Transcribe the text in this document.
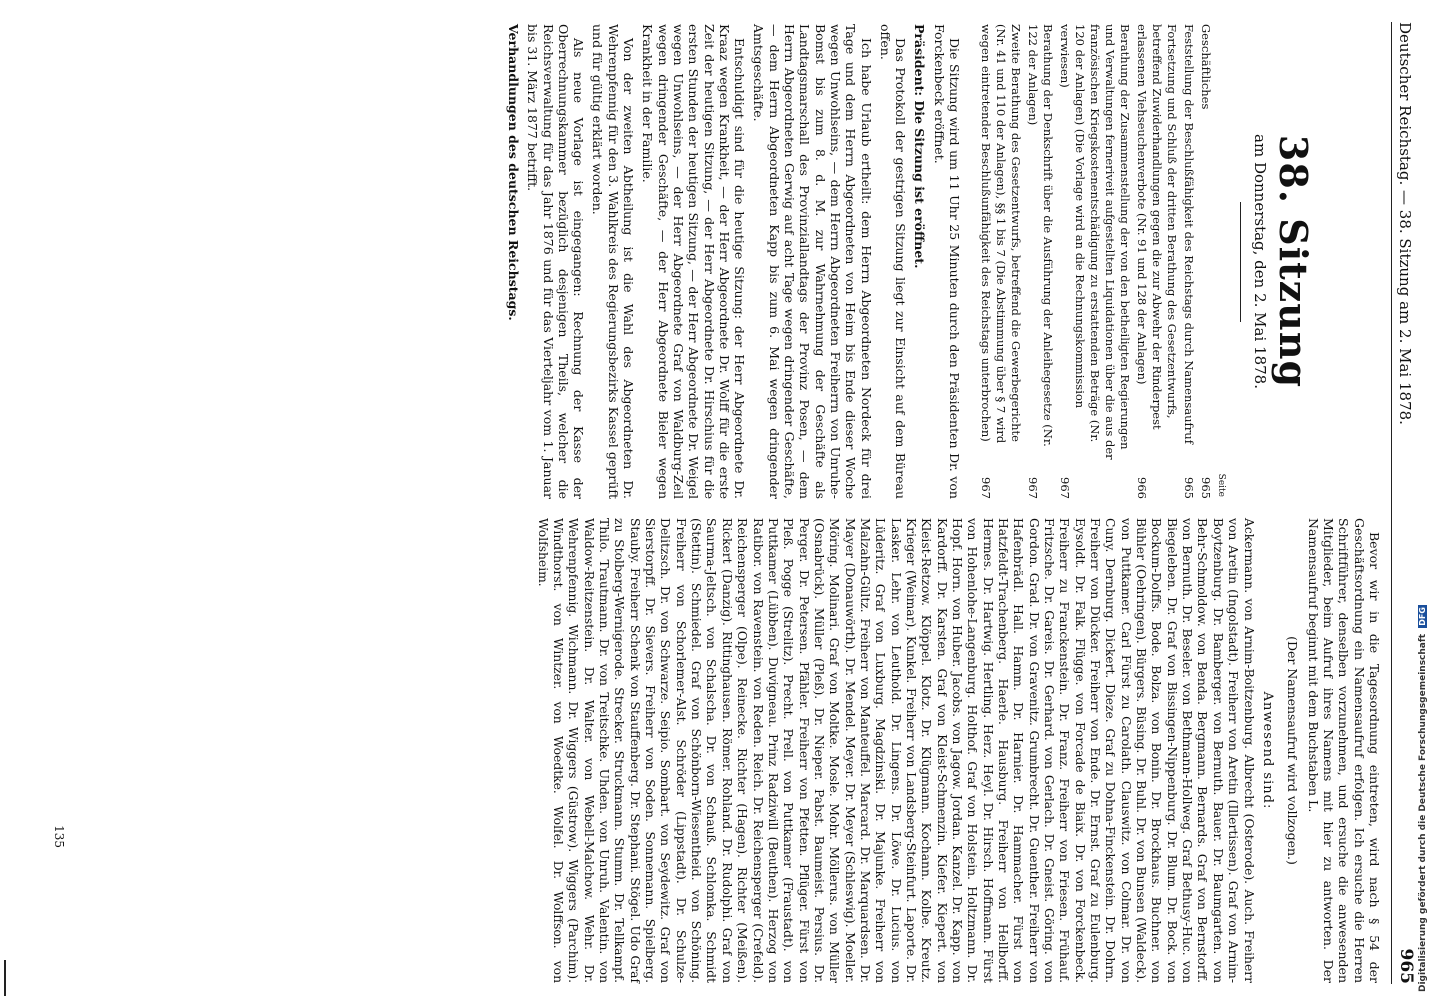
Deutscher Reichstag. — 38. Sitzung am 2. Mai 1878.
965
38. Sitzung
am Donnerstag, den 2. Mai 1878.
Seite
Geschäftliches
965
Feststellung der Beschlußfähigkeit des Reichstags durch Namensaufruf
965
Fortsetzung und Schluß der dritten Berathung des Gesetzentwurfs, betreffend Zuwiderhandlungen gegen die zur Abwehr der Rinderpest erlassenen Viehseuchenverbote (Nr. 91 und 128 der Anlagen)
966
Berathung der Zusammenstellung der von den betheiligten Regierungen und Verwaltungen ferneriveit aufgestellten Liquidationen über die aus der französischen Kriegskostenentschädigung zu erstattenden Beträge (Nr. 120 der Anlagen) (Die Vorlage wird an die Rechnungskommission verwiesen)
967
Berathung der Denkschrift über die Ausführung der Anleihegesetze (Nr. 122 der Anlagen)
967
Zweite Berathung des Gesetzentwurfs, betreffend die Gewerbegerichte (Nr. 41 und 110 der Anlagen), §§ 1 bis 7 (Die Abstimmung über § 7 wird wegen eintretender Beschlußunfähigkeit des Reichstags unterbrochen)
967

Die Sitzung wird um 11 Uhr 25 Minuten durch den Präsidenten Dr. von Forckenbeck eröffnet.

Präsident: Die Sitzung ist eröffnet.

Das Protokoll der gestrigen Sitzung liegt zur Einsicht auf dem Büreau offen.

Ich habe Urlaub ertheilt: dem Herrn Abgeordneten Nordeck für drei Tage und dem Herrn Abgeordneten von Heim bis Ende dieser Woche wegen Unwohlseins, — dem Herrn Abgeordneten Freiherrn von Unruhe-Bomst bis zum 8. d. M. zur Wahrnehmung der Geschäfte als Landtagsmarschall des Provinziallandtags der Provinz Posen, — dem Herrn Abgeordneten Gerwig auf acht Tage wegen dringender Geschäfte, — dem Herrn Abgeordneten Kapp bis zum 6. Mai wegen dringender Amtsgeschäfte.

Entschuldigt sind für die heutige Sitzung: der Herr Abgeordnete Dr. Kraaz wegen Krankheit, — der Herr Abgeordnete Dr. Wolff für die erste Zeit der heutigen Sitzung, — der Herr Abgeordnete Dr. Hirschius für die ersten Stunden der heutigen Sitzung, — der Herr Abgeordnete Dr. Weigel wegen Unwohlseins, — der Herr Abgeordnete Graf von Waldburg-Zeil wegen dringender Geschäfte, — der Herr Abgeordnete Bieler wegen Krankheit in der Familie.

Von der zweiten Abtheilung ist die Wahl des Abgeordneten Dr. Wehrenpfennig für den 3. Wahlkreis des Regierungsbezirks Kassel geprüft und für gültig erklärt worden.

Als neue Vorlage ist eingegangen: Rechnung der Kasse der Oberrechnungskammer bezüglich desjenigen Theils, welcher die Reichsverwaltung für das Jahr 1876 und für das Vierteljahr vom 1. Januar bis 31. März 1877 betrifft.

Verhandlungen des deutschen Reichstags.

Bevor wir in die Tagesordnung eintreten, wird nach § 54 der Geschäftsordnung ein Namensaufruf erfolgen. Ich ersuche die Herren Schriftführer, denselben vorzunehmen, und ersuche die anwesenden Mitglieder, beim Aufruf ihres Namens mit hier zu antworten. Der Namensaufruf beginnt mit dem Buchstaben L.

(Der Namensaufruf wird vollzogen.)
Anwesend sind:
Ackermann. von Arnim-Boitzenburg. Albrecht (Osterode). Auch. Freiherr von Aretin (Ingolstadt). Freiherr von Aretin (Illertissen). Graf von Arnim-Boytzenburg. Dr. Bamberger. von Bernuth. Bauer. Dr. Baumgarten. von Behr-Schmoldow. von Benda. Bergmann. Bernards. Graf von Bernstorff. von Bernuth. Dr. Beseler. von Bethmann-Hollweg. Graf Bethusy-Huc. von Biegeleben. Dr. Graf von Bissingen-Nippenburg. Dr. Blum. Dr. Bock. von Bockum-Dolffs. Bode. Bolza. von Bonin. Dr. Brockhaus. Buchner. von Bühler (Oehringen). Bürgers. Büsing. Dr. Buhl. Dr. von Bunsen (Waldeck). von Puttkamer. Carl Fürst zu Carolath. Clauswitz. von Colmar. Dr. von Cuny. Dernburg. Dickert. Dieze. Graf zu Dohna-Finckenstein. Dr. Dohrn. Freiherr von Dücker. Freiherr von Ende. Dr. Ernst. Graf zu Eulenburg. Eysoldt. Dr. Falk. Flügge. von Forcade de Biaix. Dr. von Forckenbeck. Freiherr zu Franckenstein. Dr. Franz. Freiherr von Friesen. Frühauf. Fritzsche. Dr. Gareis. Dr. Gerhard. von Gerlach. Dr. Gneist. Göring. von Gordon. Grad. Dr. von Gravenitz. Grumbrecht. Dr. Guenther. Freiherr von Hafenbrädl. Hall. Hamm. Dr. Harnier. Dr. Hammacher. Fürst von Hatzfeldt-Trachenberg. Haerle. Hausburg. Freiherr von Hellborff. Hermes. Dr. Hartwig. Hertling. Herz. Heyl. Dr. Hirsch. Hoffmann. Fürst von Hohenlohe-Langenburg. Holthof. Graf von Holstein. Holtzmann. Dr. Hopf. Horn. von Huber. Jacobs. von Jagow. Jordan. Kanzel. Dr. Kapp. von Kardorff. Dr. Karsten. Graf von Kleist-Schmenzin. Kiefer. Kiepert. von Kleist-Retzow. Klöppel. Klotz. Dr. Klügmann. Kochann. Kolbe. Kreutz. Krieger (Weimar). Kunkel. Freiherr von Landsberg-Steinfurt. Laporte. Dr. Lasker. Lehr. von Leuthold. Dr. Lingens. Dr. Löwe. Dr. Lucius. von Lüderitz. Graf von Luxburg. Magdzinski. Dr. Majunke. Freiherr von Malzahn-Gültz. Freiherr von Manteuffel. Marcard. Dr. Marquardsen. Dr. Mayer (Donauwörth). Dr. Mendel. Meyer. Dr. Meyer (Schleswig). Moeller. Möring. Molinari. Graf von Moltke. Mosle. Mohr. Möllerus. von Müller (Osnabrück). Müller (Pleß). Dr. Nieper. Pabst. Baumeist. Persius. Dr. Perger. Dr. Petersen. Pfähler. Freiherr von Pfetten. Pflüger. Fürst von Pleß. Pogge (Strelitz). Precht. Prell. von Puttkamer (Fraustadt). von Puttkamer (Lübben). Duvigneau. Prinz Radziwill (Beuthen). Herzog von Ratibor. von Ravenstein. von Reden. Reich. Dr. Reichensperger (Crefeld). Reichensperger (Olpe). Reinecke. Richter (Hagen). Richter (Meißen). Rickert (Danzig). Rittinghausen. Römer. Rohland. Dr. Rudolphi. Graf von Saurma-Jeltsch. von Schalscha. Dr. von Schauß. Schlomka. Schmidt (Stettin). Schmiedel. Graf von Schönborn-Wiesentheid. von Schöning. Freiherr von Schorlemer-Alst. Schröder (Lippstadt). Dr. Schulze-Delitzsch. Dr. von Schwarze. Seipio. Sombart. von Seydewitz. Graf von Sierstorpff. Dr. Sievers. Freiherr von Soden. Sonnemann. Spielberg. Stauby. Freiherr Schenk von Stauffenberg. Dr. Stephani. Stögel. Udo Graf zu Stolberg-Wernigerode. Strecker. Struckmann. Stumm. Dr. Tellkampf. Thilo. Trautmann. Dr. von Treitschke. Uhden. von Unruh. Valentin. von Waldow-Reitzenstein. Dr. Walter. von Webell-Malchow. Wehr. Dr. Wehrenpfennig. Wichmann. Dr. Wiggers (Güstrow). Wiggers (Parchim). Windthorst. von Wintzer. von Woedtke. Wolfel. Dr. Wolffson. von Wolfsheim.
135	Digitalisierung gefördert durch die Deutsche Forschungsgemeinschaft DFG
